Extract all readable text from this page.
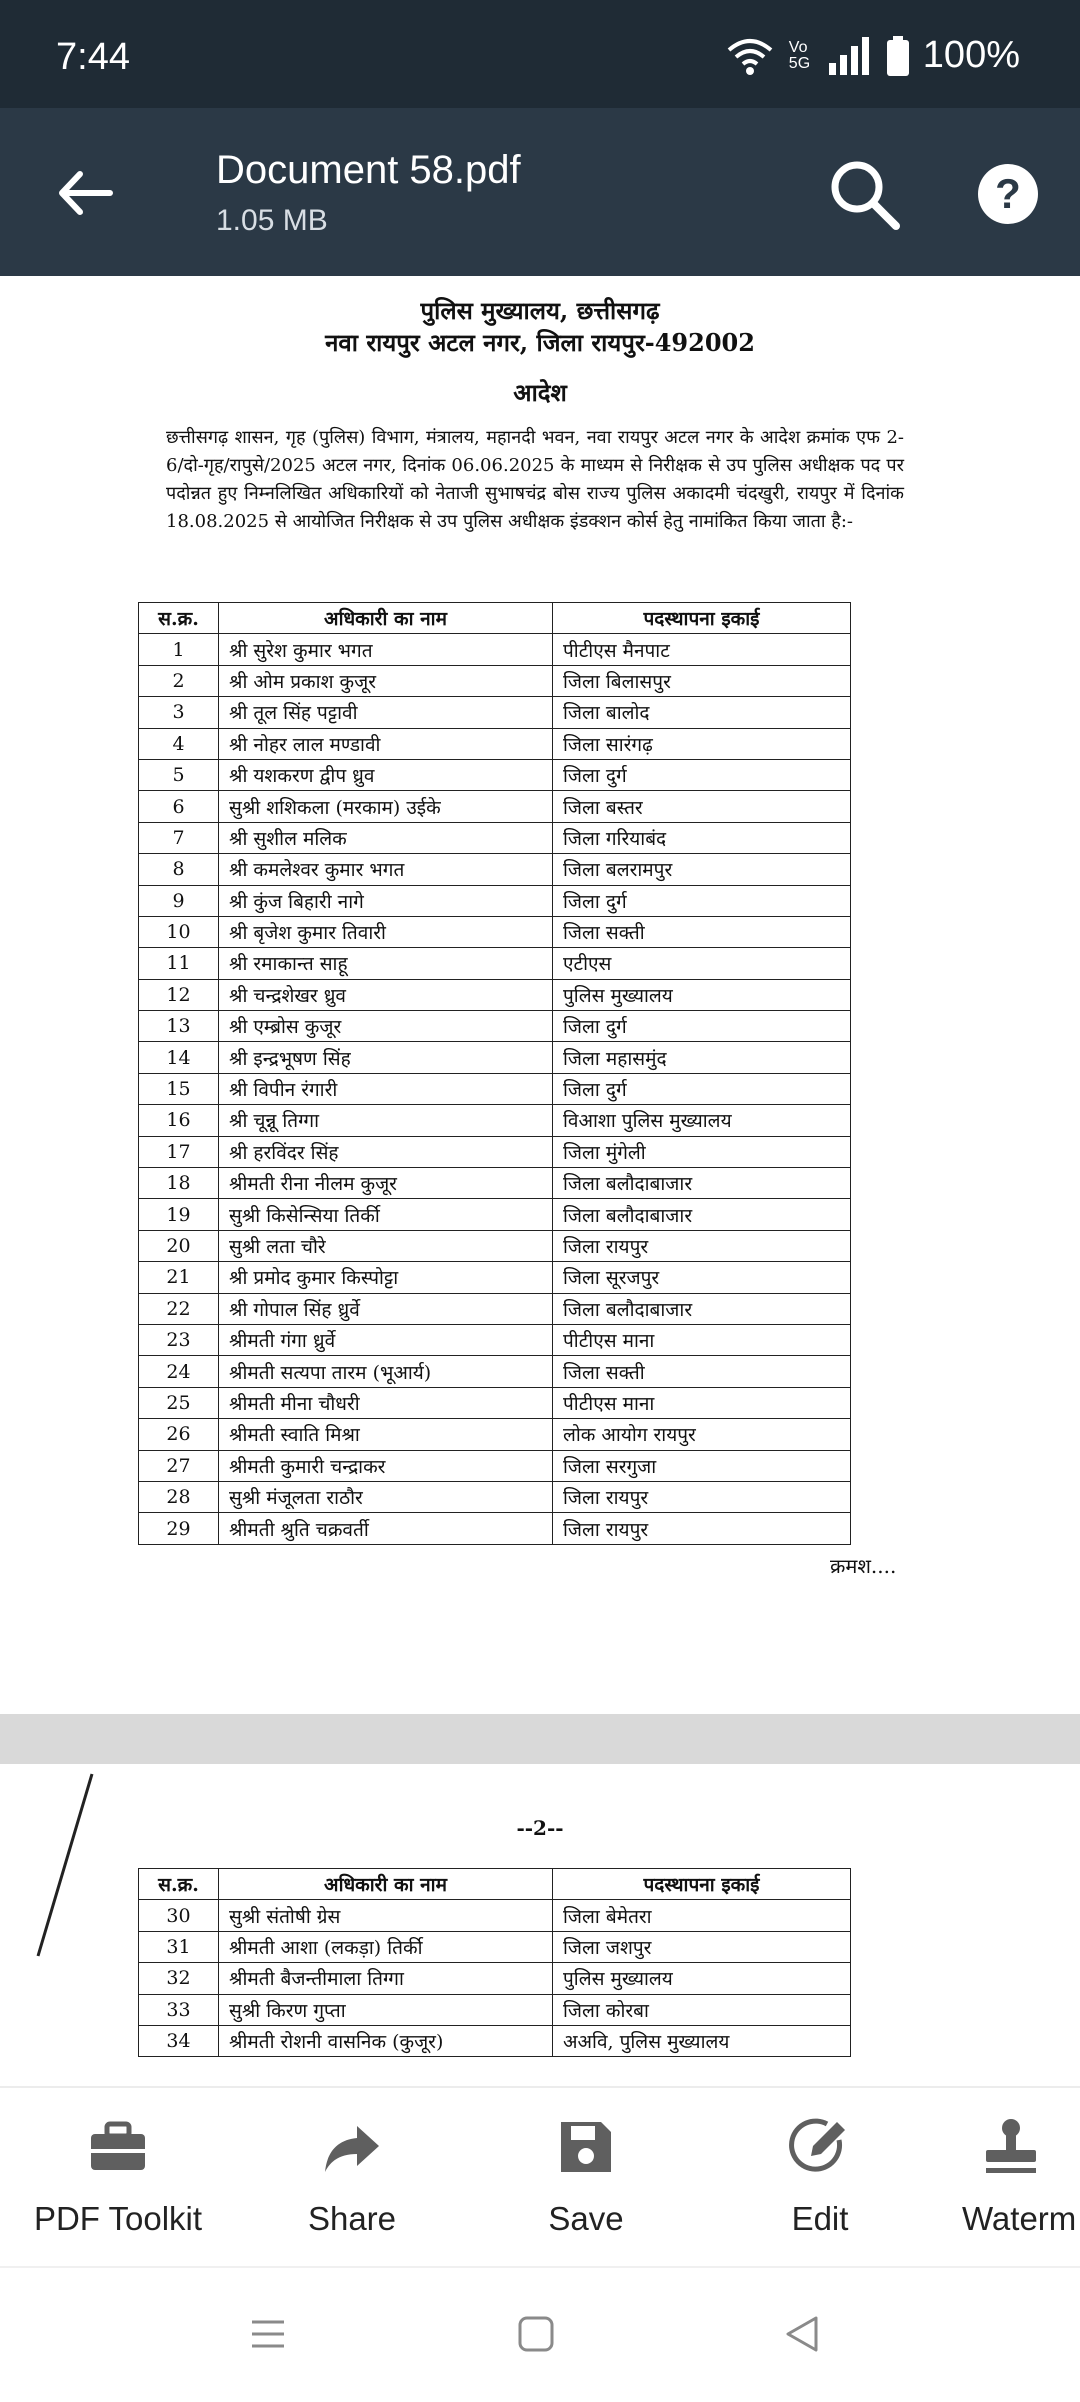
7:44	Vo 5G	100%
Document 58.pdf
1.05 MB
?
पुलिस मुख्यालय, छत्तीसगढ़
नवा रायपुर अटल नगर, जिला रायपुर-492002
आदेश
छत्तीसगढ़ शासन, गृह (पुलिस) विभाग, मंत्रालय, महानदी भवन, नवा रायपुर अटल नगर के आदेश क्रमांक एफ 2-6/दो-गृह/रापुसे/2025 अटल नगर, दिनांक 06.06.2025 के माध्यम से निरीक्षक से उप पुलिस अधीक्षक पद पर पदोन्नत हुए निम्नलिखित अधिकारियों को नेताजी सुभाषचंद्र बोस राज्य पुलिस अकादमी चंदखुरी, रायपुर में दिनांक 18.08.2025 से आयोजित निरीक्षक से उप पुलिस अधीक्षक इंडक्शन कोर्स हेतु नामांकित किया जाता है:-
स.क्र.	अधिकारी का नाम	पदस्थापना इकाई
1	श्री सुरेश कुमार भगत	पीटीएस मैनपाट
2	श्री ओम प्रकाश कुजूर	जिला बिलासपुर
3	श्री तूल सिंह पट्टावी	जिला बालोद
4	श्री नोहर लाल मण्डावी	जिला सारंगढ़
5	श्री यशकरण द्वीप ध्रुव	जिला दुर्ग
6	सुश्री शशिकला (मरकाम) उईके	जिला बस्तर
7	श्री सुशील मलिक	जिला गरियाबंद
8	श्री कमलेश्वर कुमार भगत	जिला बलरामपुर
9	श्री कुंज बिहारी नागे	जिला दुर्ग
10	श्री बृजेश कुमार तिवारी	जिला सक्ती
11	श्री रमाकान्त साहू	एटीएस
12	श्री चन्द्रशेखर ध्रुव	पुलिस मुख्यालय
13	श्री एम्ब्रोस कुजूर	जिला दुर्ग
14	श्री इन्द्रभूषण सिंह	जिला महासमुंद
15	श्री विपीन रंगारी	जिला दुर्ग
16	श्री चून्नू तिग्गा	विआशा पुलिस मुख्यालय
17	श्री हरविंदर सिंह	जिला मुंगेली
18	श्रीमती रीना नीलम कुजूर	जिला बलौदाबाजार
19	सुश्री किसेन्सिया तिर्की	जिला बलौदाबाजार
20	सुश्री लता चौरे	जिला रायपुर
21	श्री प्रमोद कुमार किस्पोट्टा	जिला सूरजपुर
22	श्री गोपाल सिंह ध्रुर्वे	जिला बलौदाबाजार
23	श्रीमती गंगा ध्रुर्वे	पीटीएस माना
24	श्रीमती सत्यपा तारम (भूआर्य)	जिला सक्ती
25	श्रीमती मीना चौधरी	पीटीएस माना
26	श्रीमती स्वाति मिश्रा	लोक आयोग रायपुर
27	श्रीमती कुमारी चन्द्राकर	जिला सरगुजा
28	सुश्री मंजूलता राठौर	जिला रायपुर
29	श्रीमती श्रुति चक्रवर्ती	जिला रायपुर
क्रमश....
--2--
स.क्र.	अधिकारी का नाम	पदस्थापना इकाई
30	सुश्री संतोषी ग्रेस	जिला बेमेतरा
31	श्रीमती आशा (लकड़ा) तिर्की	जिला जशपुर
32	श्रीमती बैजन्तीमाला तिग्गा	पुलिस मुख्यालय
33	सुश्री किरण गुप्ता	जिला कोरबा
34	श्रीमती रोशनी वासनिक (कुजूर)	अअवि, पुलिस मुख्यालय
PDF Toolkit	Share	Save	Edit	Waterm
